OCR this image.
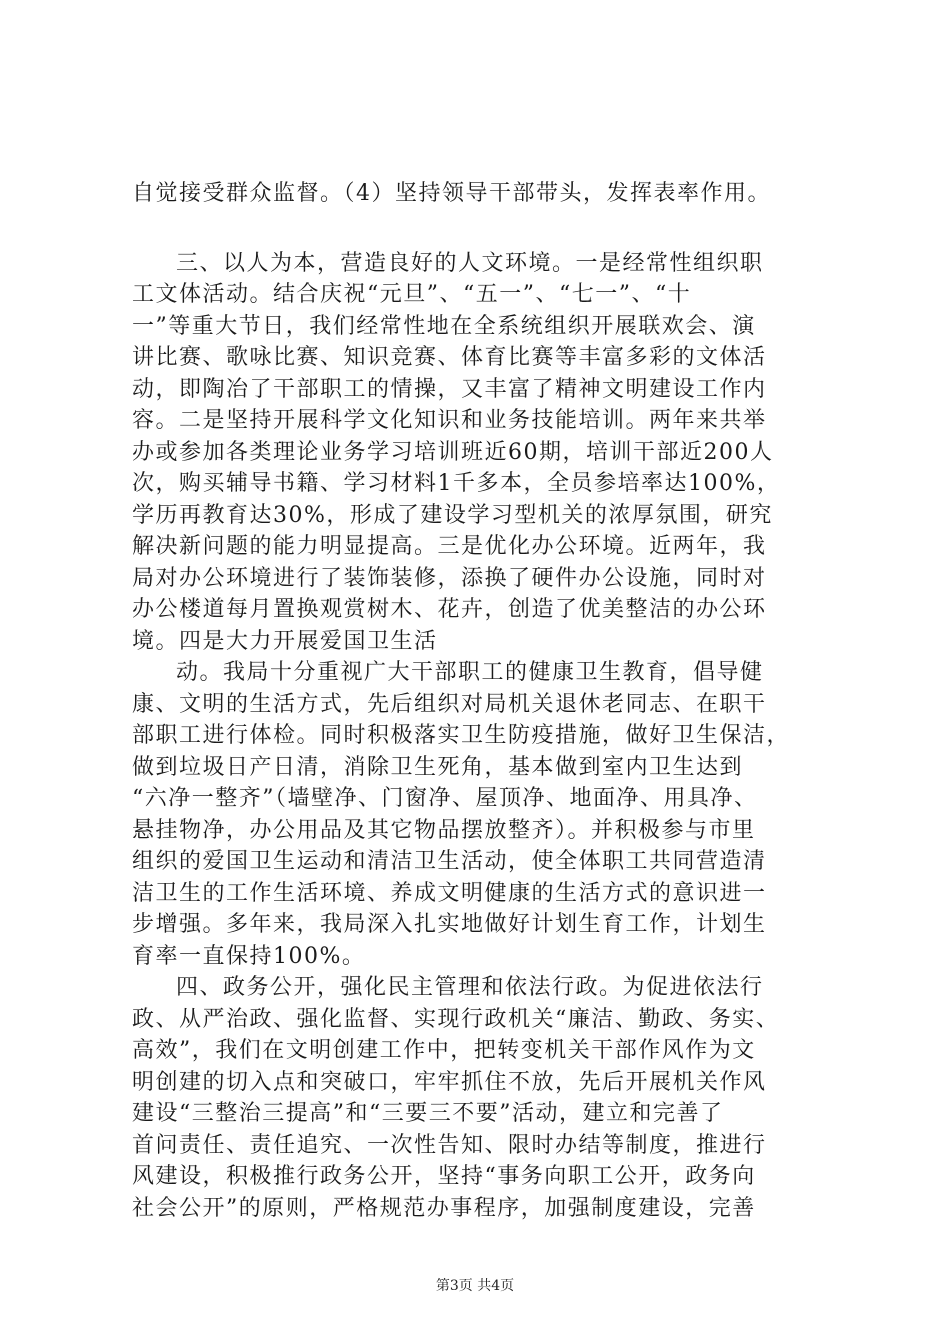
自觉接受群众监督。（4）坚持领导干部带头，发挥表率作用。
三、以人为本，营造良好的人文环境。一是经常性组织职
工文体活动。结合庆祝“元旦”、“五一”、“七一”、“十
一”等重大节日，我们经常性地在全系统组织开展联欢会、演
讲比赛、歌咏比赛、知识竞赛、体育比赛等丰富多彩的文体活
动，即陶冶了干部职工的情操，又丰富了精神文明建设工作内
容。二是坚持开展科学文化知识和业务技能培训。两年来共举
办或参加各类理论业务学习培训班近60期，培训干部近200人
次，购买辅导书籍、学习材料1千多本，全员参培率达100%，
学历再教育达30%，形成了建设学习型机关的浓厚氛围，研究
解决新问题的能力明显提高。三是优化办公环境。近两年，我
局对办公环境进行了装饰装修，添换了硬件办公设施，同时对
办公楼道每月置换观赏树木、花卉，创造了优美整洁的办公环
境。四是大力开展爱国卫生活
动。我局十分重视广大干部职工的健康卫生教育，倡导健
康、文明的生活方式，先后组织对局机关退休老同志、在职干
部职工进行体检。同时积极落实卫生防疫措施，做好卫生保洁，
做到垃圾日产日清，消除卫生死角，基本做到室内卫生达到
“六净一整齐”（墙壁净、门窗净、屋顶净、地面净、用具净、
悬挂物净，办公用品及其它物品摆放整齐）。并积极参与市里
组织的爱国卫生运动和清洁卫生活动，使全体职工共同营造清
洁卫生的工作生活环境、养成文明健康的生活方式的意识进一
步增强。多年来，我局深入扎实地做好计划生育工作，计划生
育率一直保持100%。
四、政务公开，强化民主管理和依法行政。为促进依法行
政、从严治政、强化监督、实现行政机关“廉洁、勤政、务实、
高效”，我们在文明创建工作中，把转变机关干部作风作为文
明创建的切入点和突破口，牢牢抓住不放，先后开展机关作风
建设“三整治三提高”和“三要三不要”活动，建立和完善了
首问责任、责任追究、一次性告知、限时办结等制度，推进行
风建设，积极推行政务公开，坚持“事务向职工公开，政务向
社会公开”的原则，严格规范办事程序，加强制度建设，完善
第3页 共4页
